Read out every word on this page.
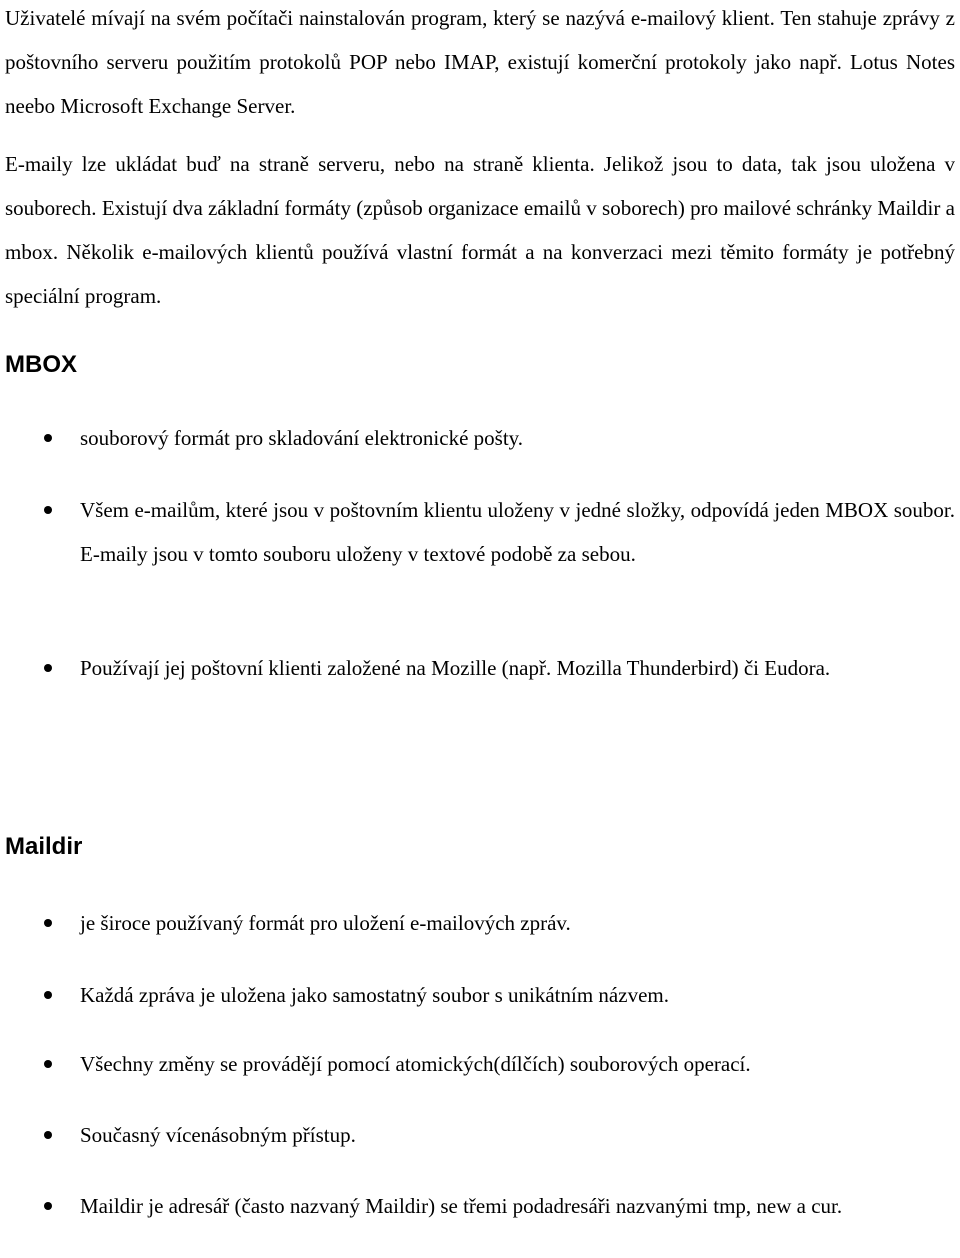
Uživatelé mívají na svém počítači nainstalován program, který se nazývá e-mailový klient. Ten stahuje zprávy z poštovního serveru použitím protokolů POP nebo IMAP, existují komerční protokoly jako např. Lotus Notes neebo Microsoft Exchange Server.

E-maily lze ukládat buď na straně serveru, nebo na straně klienta. Jelikož jsou to data, tak jsou uložena v souborech. Existují dva základní formáty (způsob organizace emailů v soborech) pro mailové schránky Maildir a mbox. Několik e-mailových klientů používá vlastní formát a na konverzaci mezi těmito formáty je potřebný speciální program.

MBOX
souborový formát pro skladování elektronické pošty.
Všem e-mailům, které jsou v poštovním klientu uloženy v jedné složky, odpovídá jeden MBOX soubor. E-maily jsou v tomto souboru uloženy v textové podobě za sebou.
Používají jej poštovní klienti založené na Mozille (např. Mozilla Thunderbird) či Eudora.
Maildir
je široce používaný formát pro uložení e-mailových zpráv.
Každá zpráva je uložena jako samostatný soubor s unikátním názvem.
Všechny změny se provádějí pomocí atomických(dílčích) souborových operací.
Současný vícenásobným přístup.
Maildir je adresář (často nazvaný Maildir) se třemi podadresáři nazvanými tmp, new a cur.
